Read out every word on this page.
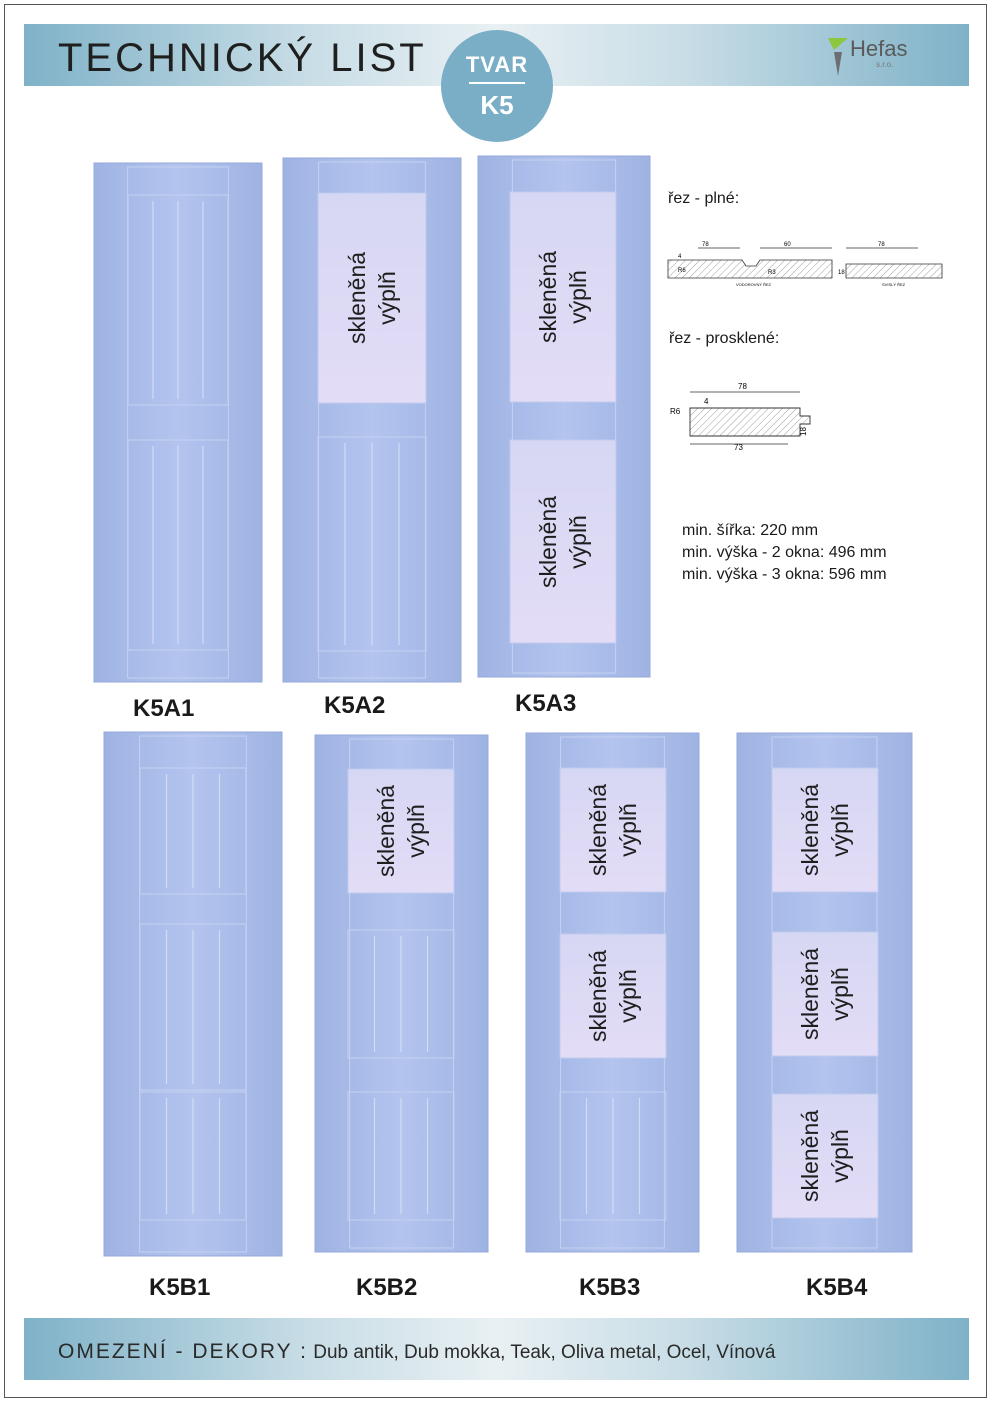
TECHNICKÝ LIST	TVAR
K5
Hefas
s.r.o.
skleněná výplň	skleněná výplň
skleněná výplň
skleněná výplň	skleněná výplň
skleněná výplň
skleněná výplň
skleněná výplň
skleněná výplň
K5A1	K5A2	K5A3
K5B1	K5B2	K5B3	K5B4
řez - plné:
78	60	78
4
R6	R3	18
VODOROVNÝ ŘEZ	SVISLÝ ŘEZ
řez - prosklené:
78
4
R6
73
18
min. šířka: 220 mm
min. výška - 2 okna: 496 mm
min. výška - 3 okna: 596 mm
OMEZENÍ - DEKORY : Dub antik, Dub mokka, Teak, Oliva metal, Ocel, Vínová
